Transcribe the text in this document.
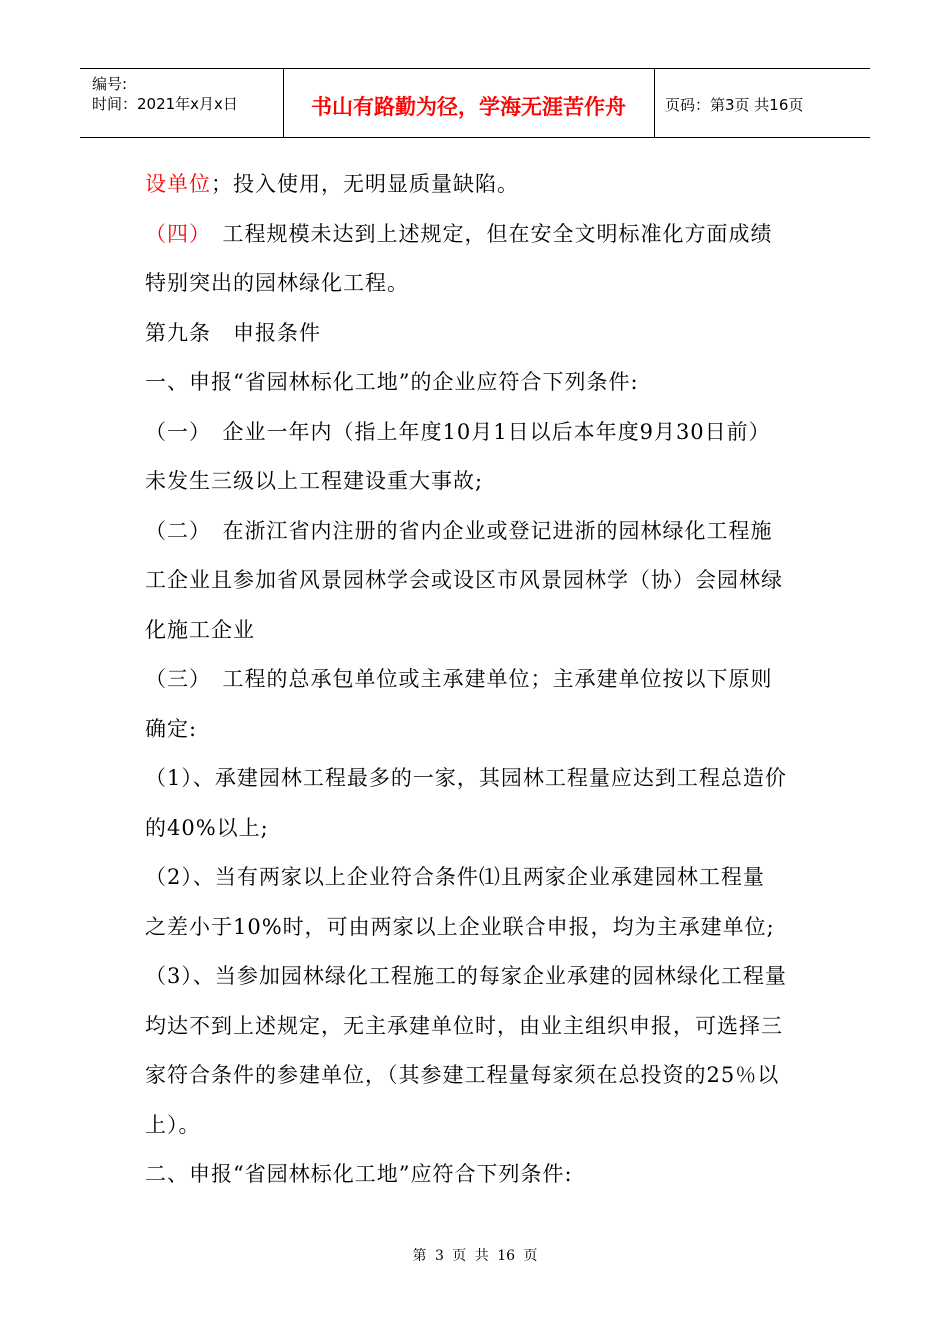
编号:
时间：2021年x月x日	书山有路勤为径，学海无涯苦作舟	页码：第3页 共16页
设单位；投入使用，无明显质量缺陷。
（四）　工程规模未达到上述规定，但在安全文明标准化方面成绩
特别突出的园林绿化工程。
第九条　申报条件
一、申报“省园林标化工地”的企业应符合下列条件:
（一）　企业一年内（指上年度10月1日以后本年度9月30日前）
未发生三级以上工程建设重大事故;
（二）　在浙江省内注册的省内企业或登记进浙的园林绿化工程施
工企业且参加省风景园林学会或设区市风景园林学（协）会园林绿
化施工企业
（三）　工程的总承包单位或主承建单位；主承建单位按以下原则
确定:
（1）、承建园林工程最多的一家，其园林工程量应达到工程总造价
的40%以上;
（2）、当有两家以上企业符合条件⑴且两家企业承建园林工程量
之差小于10%时，可由两家以上企业联合申报，均为主承建单位;
（3）、当参加园林绿化工程施工的每家企业承建的园林绿化工程量
均达不到上述规定，无主承建单位时，由业主组织申报，可选择三
家符合条件的参建单位，（其参建工程量每家须在总投资的25％以
上）。
二、申报“省园林标化工地”应符合下列条件:
第 3 页 共 16 页
